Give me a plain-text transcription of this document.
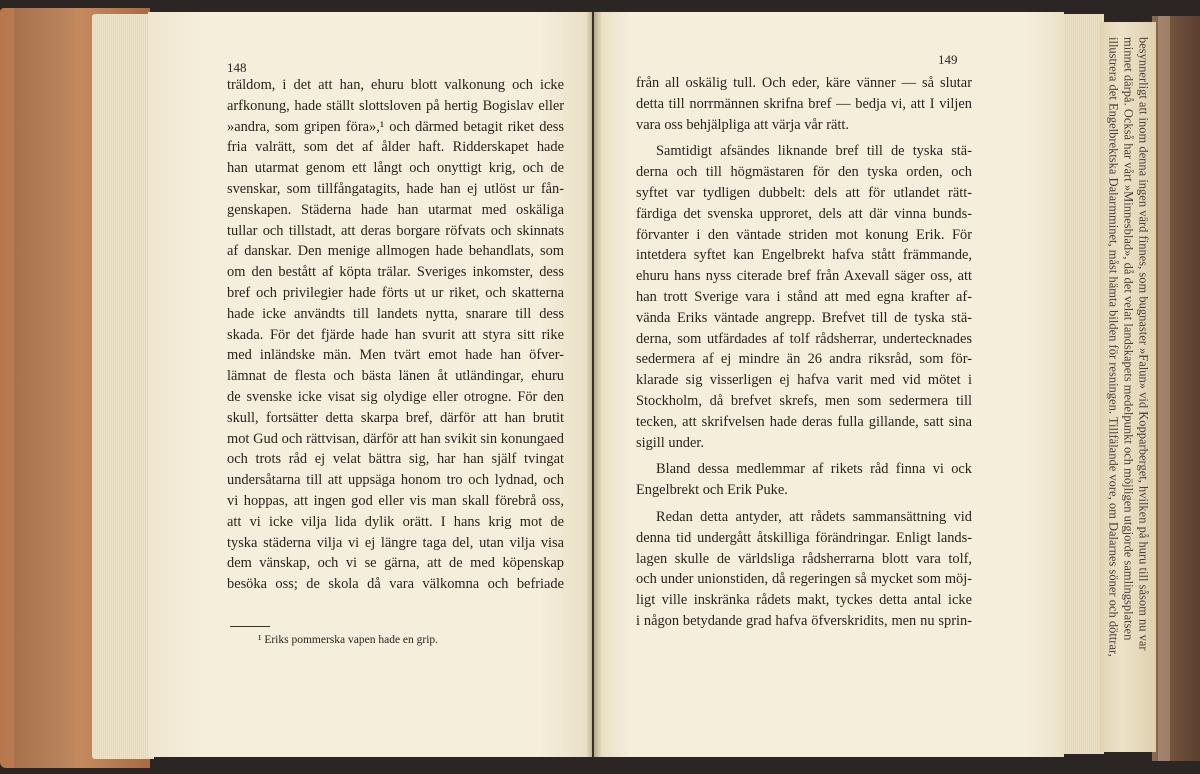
besynnerligt att inom denna ingen värd finnes, som bugnaster »Falun» vid Kopparberget, hvilken på huru till såsom nu var

minnet därpå. Också har vårt »Minnesblad», då det velat landskapets medelpunkt och möjligen utgjorde samlingsplatsen

illustrera det Engelbrektska Dalarmminet, måst hämta bilden för resningen. Tillfälande vore, om Dalarnes söner och döttrar,

148
149
träldom, i det att han, ehuru blott valkonung och icke
arfkonung, hade ställt slottsloven på hertig Bogislav eller
»andra, som gripen föra»,¹ och därmed betagit riket dess
fria valrätt, som det af ålder haft. Ridderskapet hade
han utarmat genom ett långt och onyttigt krig, och de
svenskar, som tillfångatagits, hade han ej utlöst ur fån-
genskapen. Städerna hade han utarmat med oskäliga
tullar och tillstadt, att deras borgare röfvats och skinnats
af danskar. Den menige allmogen hade behandlats, som
om den bestått af köpta trälar. Sveriges inkomster, dess
bref och privilegier hade förts ut ur riket, och skatterna
hade icke användts till landets nytta, snarare till dess
skada. För det fjärde hade han svurit att styra sitt rike
med inländske män. Men tvärt emot hade han öfver-
lämnat de flesta och bästa länen åt utländingar, ehuru
de svenske icke visat sig olydige eller otrogne. För den
skull, fortsätter detta skarpa bref, därför att han brutit
mot Gud och rättvisan, därför att han svikit sin konungaed
och trots råd ej velat bättra sig, har han själf tvingat
undersåtarna till att uppsäga honom tro och lydnad, och
vi hoppas, att ingen god eller vis man skall förebrå oss,
att vi icke vilja lida dylik orätt. I hans krig mot de
tyska städerna vilja vi ej längre taga del, utan vilja visa
dem vänskap, och vi se gärna, att de med köpenskap
besöka oss; de skola då vara välkomna och befriade
från all oskälig tull. Och eder, käre vänner — så slutar
detta till norrmännen skrifna bref — bedja vi, att I viljen
vara oss behjälpliga att värja vår rätt.
Samtidigt afsändes liknande bref till de tyska stä-
derna och till högmästaren för den tyska orden, och
syftet var tydligen dubbelt: dels att för utlandet rätt-
färdiga det svenska upproret, dels att där vinna bunds-
förvanter i den väntade striden mot konung Erik. För
intetdera syftet kan Engelbrekt hafva stått främmande,
ehuru hans nyss citerade bref från Axevall säger oss, att
han trott Sverige vara i stånd att med egna krafter af-
vända Eriks väntade angrepp. Brefvet till de tyska stä-
derna, som utfärdades af tolf rådsherrar, undertecknades
sedermera af ej mindre än 26 andra riksråd, som för-
klarade sig visserligen ej hafva varit med vid mötet i
Stockholm, då brefvet skrefs, men som sedermera till
tecken, att skrifvelsen hade deras fulla gillande, satt sina
sigill under.
Bland dessa medlemmar af rikets råd finna vi ock
Engelbrekt och Erik Puke.
Redan detta antyder, att rådets sammansättning vid
denna tid undergått åtskilliga förändringar. Enligt lands-
lagen skulle de världsliga rådsherrarna blott vara tolf,
och under unionstiden, då regeringen så mycket som möj-
ligt ville inskränka rådets makt, tyckes detta antal icke
i någon betydande grad hafva öfverskridits, men nu sprin-
¹ Eriks pommerska vapen hade en grip.
